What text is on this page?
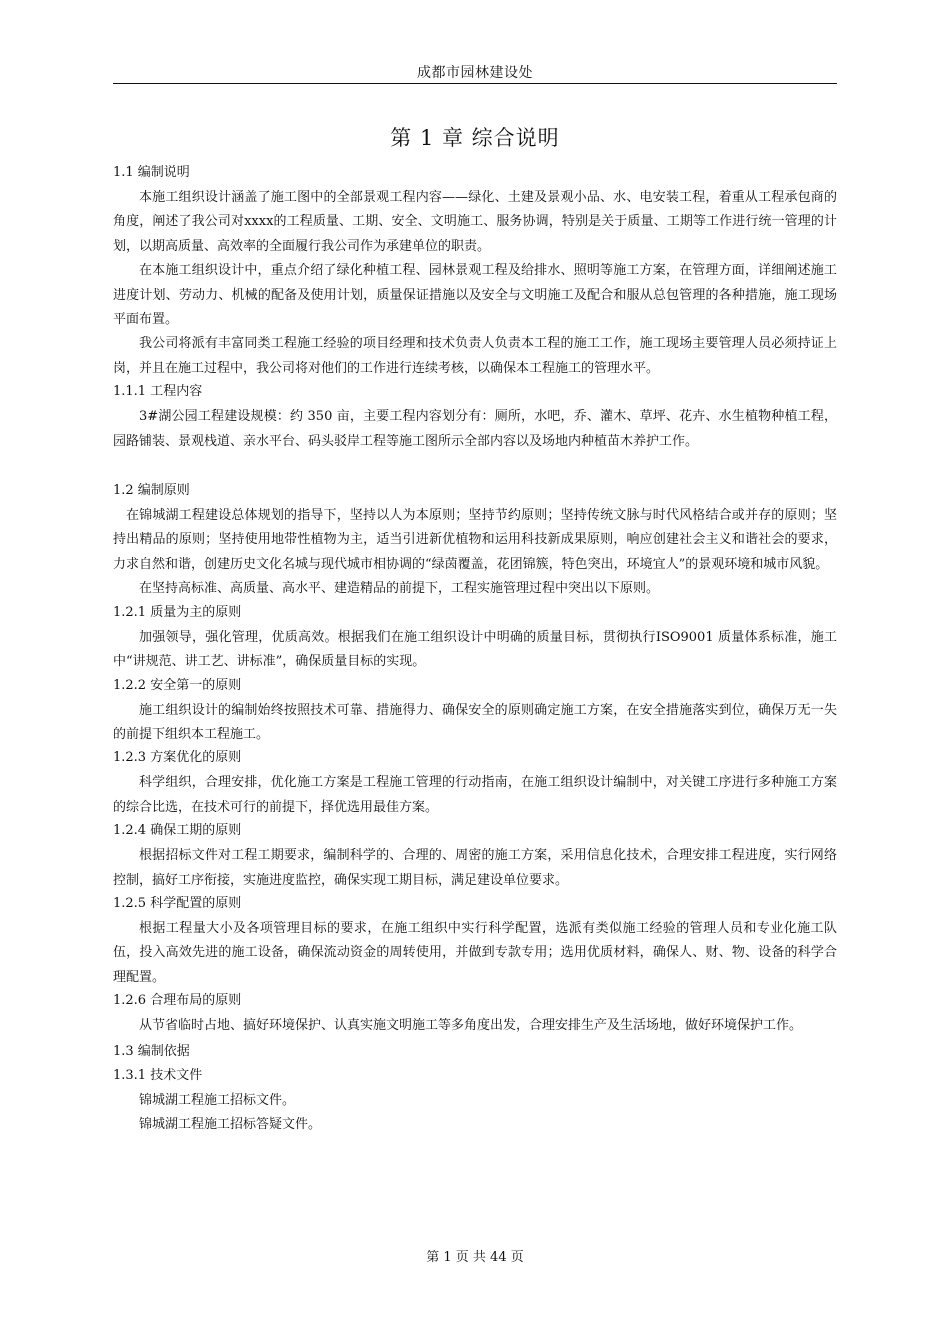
成都市园林建设处
第 1 章 综合说明
1.1 编制说明
本施工组织设计涵盖了施工图中的全部景观工程内容——绿化、土建及景观小品、水、电安装工程，着重从工程承包商的角度，阐述了我公司对xxxx的工程质量、工期、安全、文明施工、服务协调，特别是关于质量、工期等工作进行统一管理的计划，以期高质量、高效率的全面履行我公司作为承建单位的职责。
在本施工组织设计中，重点介绍了绿化种植工程、园林景观工程及给排水、照明等施工方案，在管理方面，详细阐述施工进度计划、劳动力、机械的配备及使用计划，质量保证措施以及安全与文明施工及配合和服从总包管理的各种措施，施工现场平面布置。
我公司将派有丰富同类工程施工经验的项目经理和技术负责人负责本工程的施工工作，施工现场主要管理人员必须持证上岗，并且在施工过程中，我公司将对他们的工作进行连续考核，以确保本工程施工的管理水平。
1.1.1 工程内容
3#湖公园工程建设规模：约 350 亩，主要工程内容划分有：厕所，水吧，乔、灌木、草坪、花卉、水生植物种植工程，园路铺装、景观栈道、亲水平台、码头驳岸工程等施工图所示全部内容以及场地内种植苗木养护工作。
1.2 编制原则
在锦城湖工程建设总体规划的指导下，坚持以人为本原则；坚持节约原则；坚持传统文脉与时代风格结合或并存的原则；坚持出精品的原则；坚持使用地带性植物为主，适当引进新优植物和运用科技新成果原则，响应创建社会主义和谐社会的要求，力求自然和谐，创建历史文化名城与现代城市相协调的“绿茵覆盖，花团锦簇，特色突出，环境宜人”的景观环境和城市风貌。
在坚持高标准、高质量、高水平、建造精品的前提下，工程实施管理过程中突出以下原则。
1.2.1 质量为主的原则
加强领导，强化管理，优质高效。根据我们在施工组织设计中明确的质量目标，贯彻执行ISO9001 质量体系标准，施工中“讲规范、讲工艺、讲标准”，确保质量目标的实现。
1.2.2 安全第一的原则
施工组织设计的编制始终按照技术可靠、措施得力、确保安全的原则确定施工方案，在安全措施落实到位，确保万无一失的前提下组织本工程施工。
1.2.3 方案优化的原则
科学组织，合理安排，优化施工方案是工程施工管理的行动指南，在施工组织设计编制中，对关键工序进行多种施工方案的综合比选，在技术可行的前提下，择优选用最佳方案。
1.2.4 确保工期的原则
根据招标文件对工程工期要求，编制科学的、合理的、周密的施工方案，采用信息化技术，合理安排工程进度，实行网络控制，搞好工序衔接，实施进度监控，确保实现工期目标，满足建设单位要求。
1.2.5 科学配置的原则
根据工程量大小及各项管理目标的要求，在施工组织中实行科学配置，选派有类似施工经验的管理人员和专业化施工队伍，投入高效先进的施工设备，确保流动资金的周转使用，并做到专款专用；选用优质材料，确保人、财、物、设备的科学合理配置。
1.2.6 合理布局的原则
从节省临时占地、搞好环境保护、认真实施文明施工等多角度出发，合理安排生产及生活场地，做好环境保护工作。
1.3 编制依据
1.3.1 技术文件
锦城湖工程施工招标文件。
锦城湖工程施工招标答疑文件。
第 1 页 共 44 页
